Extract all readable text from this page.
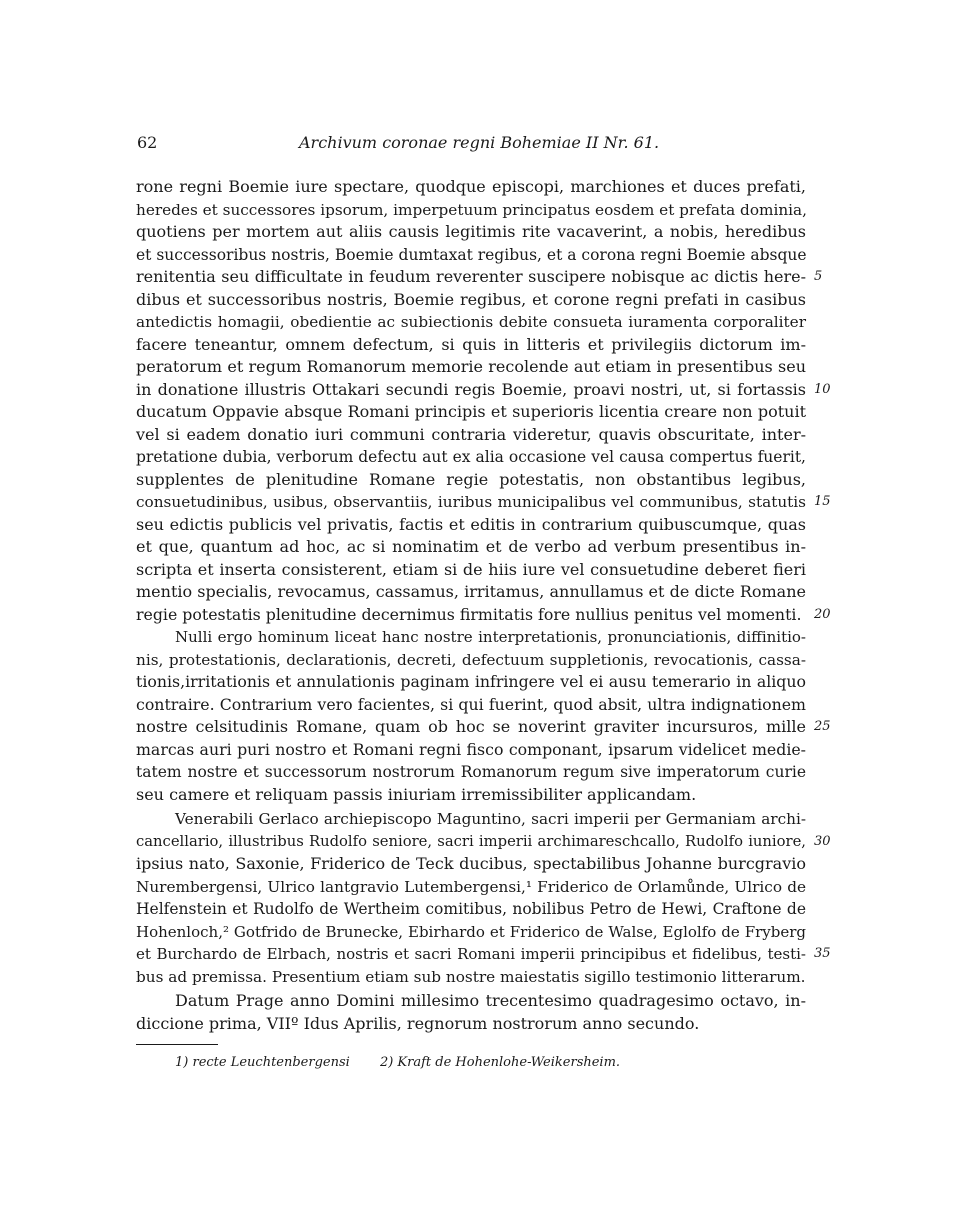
62	Archivum coronae regni Bohemiae II Nr. 61.
rone regni Boemie iure spectare, quodque episcopi, marchiones et duces prefati,
heredes et successores ipsorum, imperpetuum principatus eosdem et prefata dominia,
quotiens per mortem aut aliis causis legitimis rite vacaverint, a nobis, heredibus
et successoribus nostris, Boemie dumtaxat regibus, et a corona regni Boemie absque
renitentia seu difficultate in feudum reverenter suscipere nobisque ac dictis here-
dibus et successoribus nostris, Boemie regibus, et corone regni prefati in casibus
antedictis homagii, obedientie ac subiectionis debite consueta iuramenta corporaliter
facere teneantur, omnem defectum, si quis in litteris et privilegiis dictorum im-
peratorum et regum Romanorum memorie recolende aut etiam in presentibus seu
in donatione illustris Ottakari secundi regis Boemie, proavi nostri, ut, si fortassis
ducatum Oppavie absque Romani principis et superioris licentia creare non potuit
vel si eadem donatio iuri communi contraria videretur, quavis obscuritate, inter-
pretatione dubia, verborum defectu aut ex alia occasione vel causa compertus fuerit,
supplentes de plenitudine Romane regie potestatis, non obstantibus legibus,
consuetudinibus, usibus, observantiis, iuribus municipalibus vel communibus, statutis
seu edictis publicis vel privatis, factis et editis in contrarium quibuscumque, quas
et que, quantum ad hoc, ac si nominatim et de verbo ad verbum presentibus in-
scripta et inserta consisterent, etiam si de hiis iure vel consuetudine deberet fieri
mentio specialis, revocamus, cassamus, irritamus, annullamus et de dicte Romane
regie potestatis plenitudine decernimus firmitatis fore nullius penitus vel momenti.
Nulli ergo hominum liceat hanc nostre interpretationis, pronunciationis, diffinitio-
nis, protestationis, declarationis, decreti, defectuum suppletionis, revocationis, cassa-
tionis,irritationis et annulationis paginam infringere vel ei ausu temerario in aliquo
contraire. Contrarium vero facientes, si qui fuerint, quod absit, ultra indignationem
nostre celsitudinis Romane, quam ob hoc se noverint graviter incursuros, mille
marcas auri puri nostro et Romani regni fisco componant, ipsarum videlicet medie-
tatem nostre et successorum nostrorum Romanorum regum sive imperatorum curie
seu camere et reliquam passis iniuriam irremissibiliter applicandam.
Venerabili Gerlaco archiepiscopo Maguntino, sacri imperii per Germaniam archi-
cancellario, illustribus Rudolfo seniore, sacri imperii archimareschcallo, Rudolfo iuniore,
ipsius nato, Saxonie, Friderico de Teck ducibus, spectabilibus Johanne burcgravio
Nurembergensi, Ulrico lantgravio Lutembergensi,¹ Friderico de Orlamůnde, Ulrico de
Helfenstein et Rudolfo de Wertheim comitibus, nobilibus Petro de Hewi, Craftone de
Hohenloch,² Gotfrido de Brunecke, Ebirhardo et Friderico de Walse, Eglolfo de Fryberg
et Burchardo de Elrbach, nostris et sacri Romani imperii principibus et fidelibus, testi-
bus ad premissa. Presentium etiam sub nostre maiestatis sigillo testimonio litterarum.
Datum Prage anno Domini millesimo trecentesimo quadragesimo octavo, in-
diccione prima, VIIº Idus Aprilis, regnorum nostrorum anno secundo.
5
10
15
20
25
30
35
1) recte Leuchtenbergensi 2) Kraft de Hohenlohe-Weikersheim.
